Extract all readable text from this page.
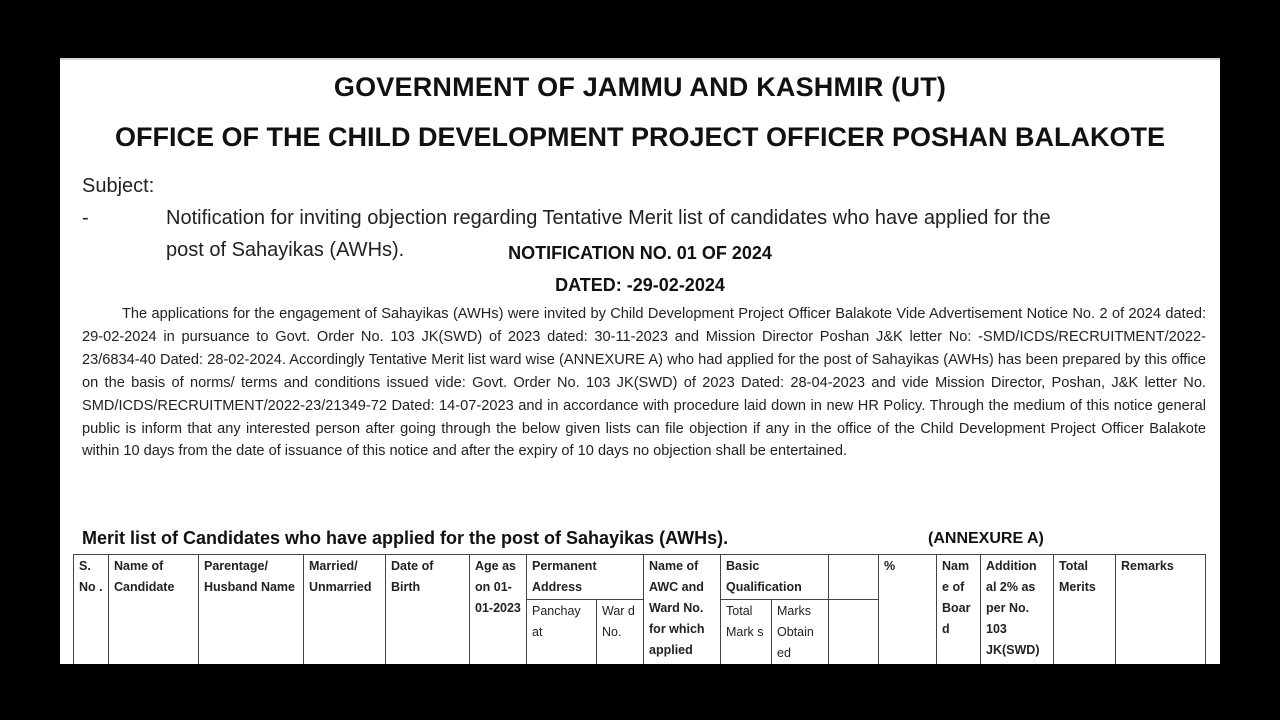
GOVERNMENT OF JAMMU AND KASHMIR (UT)
OFFICE OF THE CHILD DEVELOPMENT PROJECT OFFICER POSHAN BALAKOTE
Subject: -	Notification for inviting objection regarding Tentative Merit list of candidates who have applied for the
post of Sahayikas (AWHs).	NOTIFICATION NO. 01 OF 2024
DATED: -29-02-2024
The applications for the engagement of Sahayikas (AWHs) were invited by Child Development Project Officer Balakote Vide Advertisement Notice No. 2 of 2024 dated: 29-02-2024 in pursuance to Govt. Order No. 103 JK(SWD) of 2023 dated: 30-11-2023 and Mission Director Poshan J&K letter No: -SMD/ICDS/RECRUITMENT/2022-23/6834-40 Dated: 28-02-2024. Accordingly Tentative Merit list ward wise (ANNEXURE A) who had applied for the post of Sahayikas (AWHs) has been prepared by this office on the basis of norms/ terms and conditions issued vide: Govt. Order No. 103 JK(SWD) of 2023 Dated: 28-04-2023 and vide Mission Director, Poshan, J&K letter No. SMD/ICDS/RECRUITMENT/2022-23/21349-72 Dated: 14-07-2023 and in accordance with procedure laid down in new HR Policy. Through the medium of this notice general public is inform that any interested person after going through the below given lists can file objection if any in the office of the Child Development Project Officer Balakote within 10 days from the date of issuance of this notice and after the expiry of 10 days no objection shall be entertained.
Merit list of Candidates who have applied for the post of Sahayikas (AWHs).	(ANNEXURE A)
S. No .	Name of Candidate	Parentage/ Husband Name	Married/ Unmarried	Date of Birth	Age as on 01-01-2023	Permanent Address		Name of AWC and Ward No. for which applied	Basic Qualification			%	Nam e of Boar d	Addition al 2% as per No. 103 JK(SWD)	Total Merits	Remarks
						Panchay at	War d No.		Total Mark s	Marks Obtain ed						
